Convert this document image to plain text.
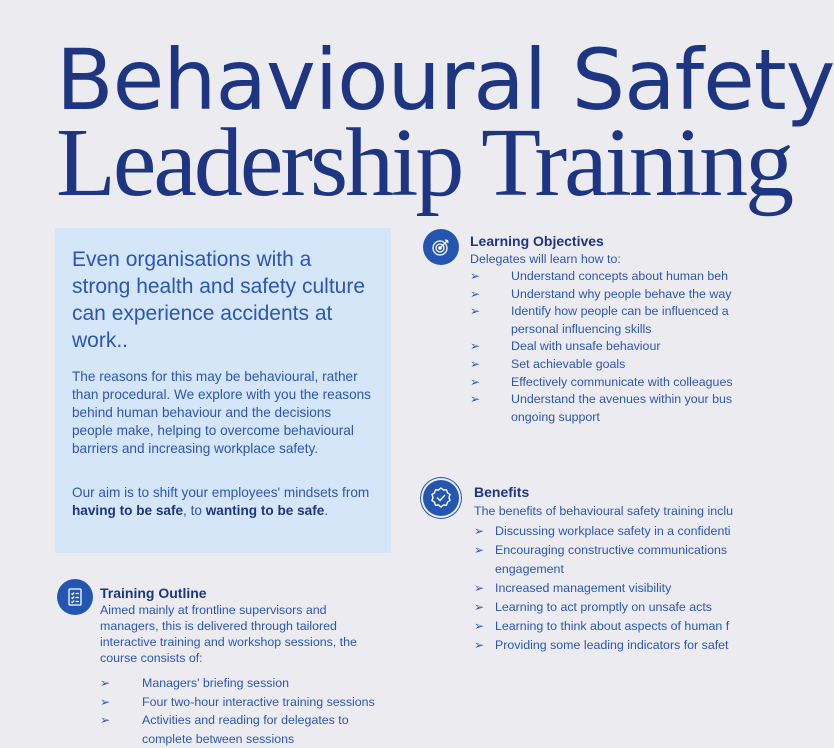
Behavioural Safety
Leadership Training
Even organisations with a strong health and safety culture can experience accidents at work..

The reasons for this may be behavioural, rather than procedural. We explore with you the reasons behind human behaviour and the decisions people make, helping to overcome behavioural barriers and increasing workplace safety.

Our aim is to shift your employees' mindsets from having to be safe, to wanting to be safe.

Learning Objectives

Delegates will learn how to:

➢ Understand concepts about human beh
➢ Understand why people behave the way
➢ Identify how people can be influenced a
personal influencing skills
➢ Deal with unsafe behaviour
➢ Set achievable goals
➢ Effectively communicate with colleagues
➢ Understand the avenues within your bus
ongoing support
Benefits

The benefits of behavioural safety training inclu

➢ Discussing workplace safety in a confidenti
➢ Encouraging constructive communications
engagement
➢ Increased management visibility
➢ Learning to act promptly on unsafe acts
➢ Learning to think about aspects of human f
➢ Providing some leading indicators for safet
Training Outline

Aimed mainly at frontline supervisors and managers, this is delivered through tailored interactive training and workshop sessions, the course consists of:

➢	Managers' briefing session
➢	Four two-hour interactive training sessions
➢	Activities and reading for delegates to
complete between sessions
